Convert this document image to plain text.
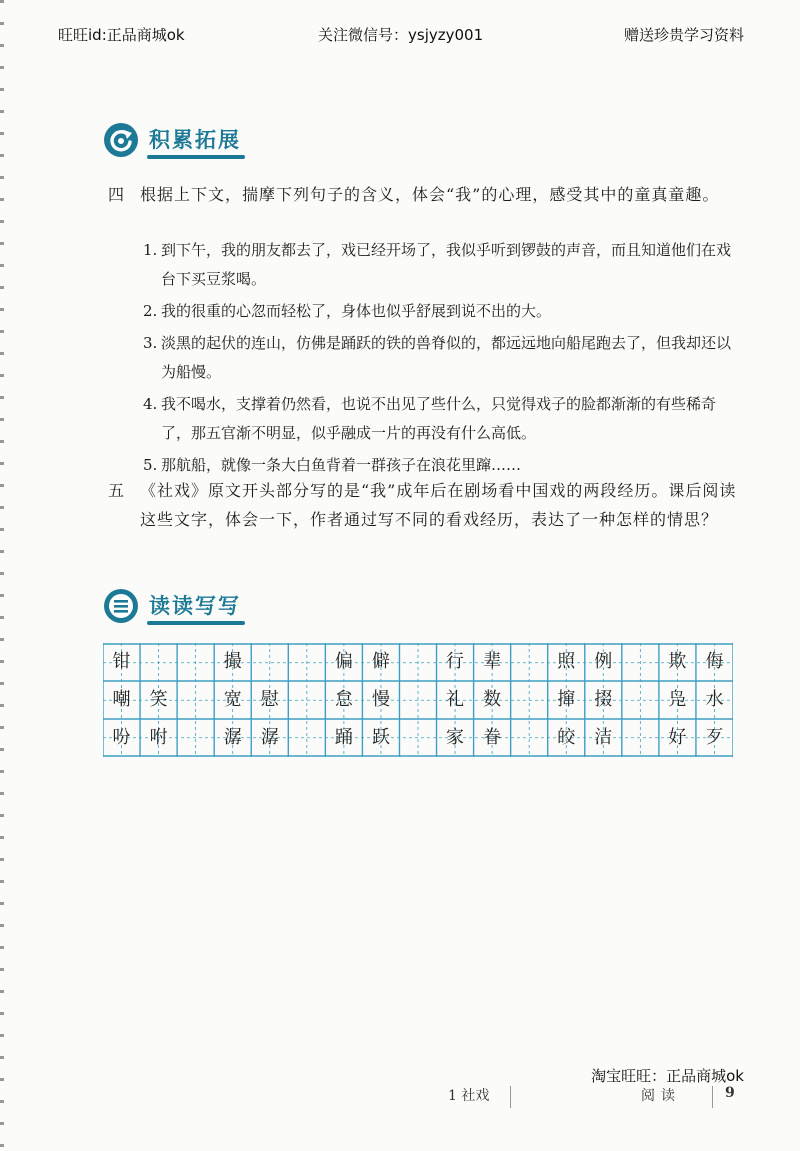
旺旺id:正品商城ok	关注微信号：ysjyzy001	赠送珍贵学习资料
积累拓展
四 根据上下文，揣摩下列句子的含义，体会“我”的心理，感受其中的童真童趣。
1. 到下午，我的朋友都去了，戏已经开场了，我似乎听到锣鼓的声音，而且知道他们在戏台下买豆浆喝。
2. 我的很重的心忽而轻松了，身体也似乎舒展到说不出的大。
3. 淡黑的起伏的连山，仿佛是踊跃的铁的兽脊似的，都远远地向船尾跑去了，但我却还以为船慢。
4. 我不喝水，支撑着仍然看，也说不出见了些什么，只觉得戏子的脸都渐渐的有些稀奇了，那五官渐不明显，似乎融成一片的再没有什么高低。
5. 那航船，就像一条大白鱼背着一群孩子在浪花里蹿……
五 《社戏》原文开头部分写的是“我”成年后在剧场看中国戏的两段经历。课后阅读这些文字，体会一下，作者通过写不同的看戏经历，表达了一种怎样的情思？
读读写写
钳	撮	偏	僻	行	辈	照	例	欺	侮
嘲	笑	宽	慰	怠	慢	礼	数	撺	掇	凫	水
吩	咐	潺	潺	踊	跃	家	眷	皎	洁	好	歹
淘宝旺旺：正品商城ok
1 社戏	阅读	9
